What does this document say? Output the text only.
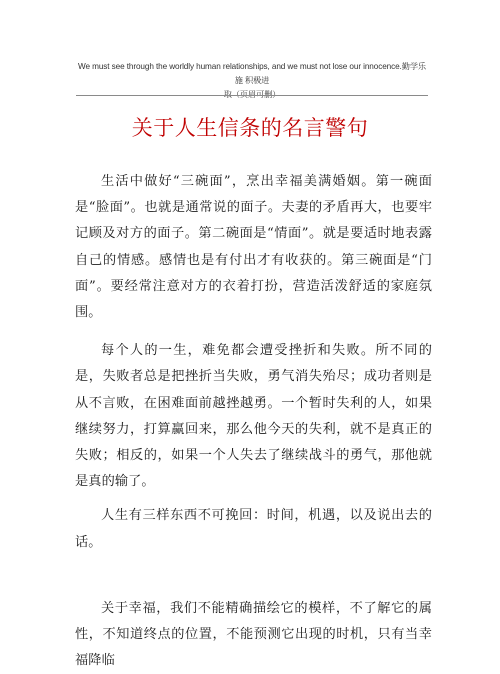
We must see through the worldly human relationships, and we must not lose our innocence.勤学乐施 积极进
取（页眉可删）
关于人生信条的名言警句

生活中做好“三碗面”，烹出幸福美满婚姻。第一碗面是“脸面”。也就是通常说的面子。夫妻的矛盾再大，也要牢记顾及对方的面子。第二碗面是“情面”。就是要适时地表露自己的情感。感情也是有付出才有收获的。第三碗面是“门面”。要经常注意对方的衣着打扮，营造活泼舒适的家庭氛围。

每个人的一生，难免都会遭受挫折和失败。所不同的是，失败者总是把挫折当失败，勇气消失殆尽；成功者则是从不言败，在困难面前越挫越勇。一个暂时失利的人，如果继续努力，打算赢回来，那么他今天的失利，就不是真正的失败；相反的，如果一个人失去了继续战斗的勇气，那他就是真的输了。

人生有三样东西不可挽回：时间，机遇，以及说出去的话。

关于幸福，我们不能精确描绘它的模样，不了解它的属性，不知道终点的位置，不能预测它出现的时机，只有当幸福降临
